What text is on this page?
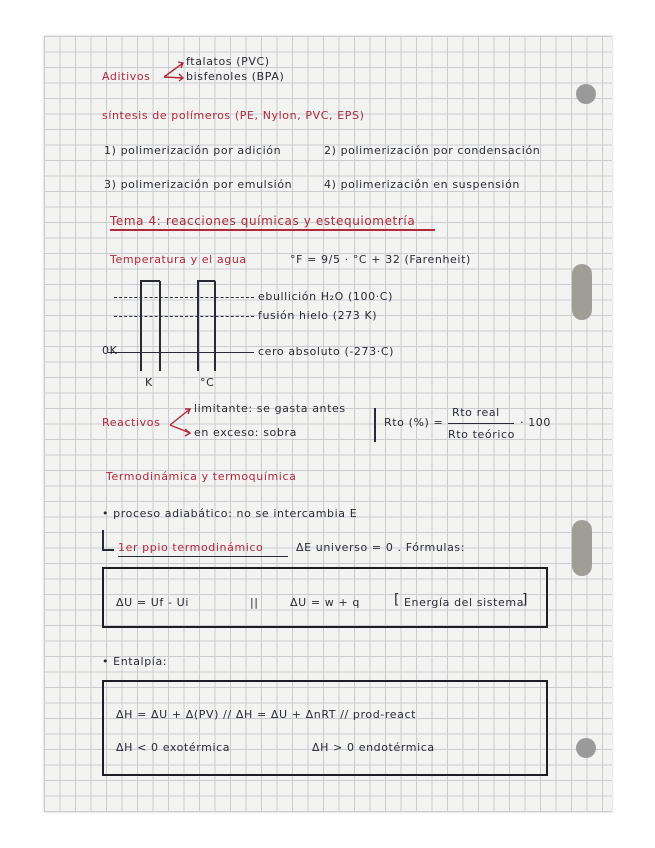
Aditivos
ftalatos (PVC)
bisfenoles (BPA)
síntesis de polímeros (PE, Nylon, PVC, EPS)
1) polimerización por adición	2) polimerización por condensación
3) polimerización por emulsión	4) polimerización en suspensión
Tema 4: reacciones químicas y estequiometría
Temperatura y el agua	°F = 9/5 · °C + 32 (Farenheit)
ebullición H₂O (100·C)
fusión hielo (273 K)
cero absoluto (-273·C)
0K
K	°C
Reactivos
limitante: se gasta antes
en exceso: sobra
Rto (%) =
Rto real
Rto teórico
· 100
Termodinámica y termoquímica
• proceso adiabático: no se intercambia E
1er ppio termodinámico	ΔE universo = 0 . Fórmulas:
ΔU = Uf - Ui	||	ΔU = w + q [ Energía del sistema
]
• Entalpía:
ΔH = ΔU + Δ(PV) // ΔH = ΔU + ΔnRT // prod-react
ΔH < 0 exotérmica	ΔH > 0 endotérmica
